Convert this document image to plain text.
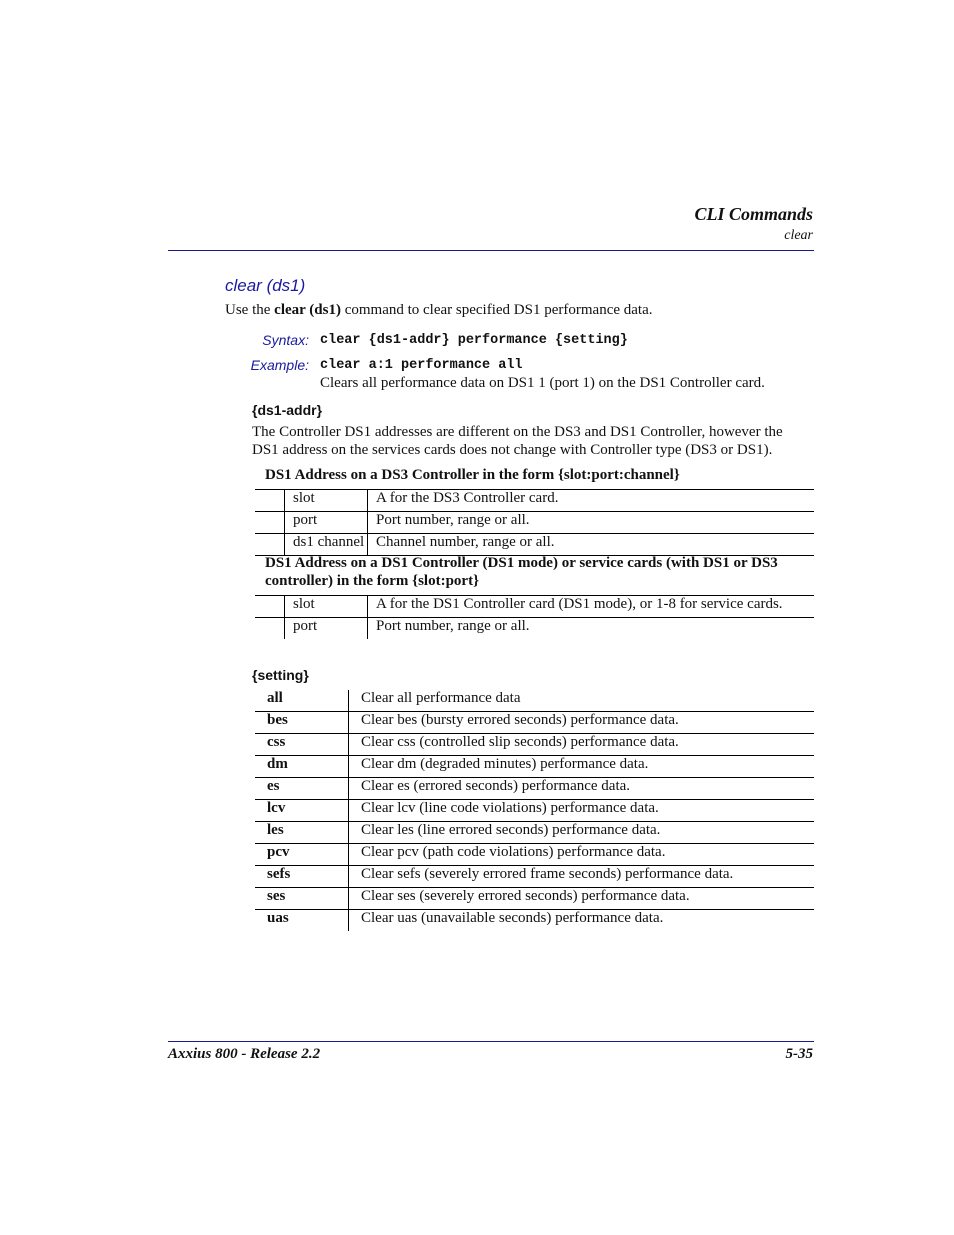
CLI Commands
clear
clear (ds1)
Use the clear (ds1) command to clear specified DS1 performance data.
Syntax: clear {ds1-addr} performance {setting}
Example: clear a:1 performance all
Clears all performance data on DS1 1 (port 1) on the DS1 Controller card.
{ds1-addr}
The Controller DS1 addresses are different on the DS3 and DS1 Controller, however the
DS1 address on the services cards does not change with Controller type (DS3 or DS1).
DS1 Address on a DS3 Controller in the form {slot:port:channel}
	slot	A for the DS3 Controller card.
	port	Port number, range or all.
	ds1 channel	Channel number, range or all.
DS1 Address on a DS1 Controller (DS1 mode) or service cards (with DS1 or DS3
controller) in the form {slot:port}
	slot	A for the DS1 Controller card (DS1 mode), or 1-8 for service cards.
	port	Port number, range or all.
{setting}
all	Clear all performance data
bes	Clear bes (bursty errored seconds) performance data.
css	Clear css (controlled slip seconds) performance data.
dm	Clear dm (degraded minutes) performance data.
es	Clear es (errored seconds) performance data.
lcv	Clear lcv (line code violations) performance data.
les	Clear les (line errored seconds) performance data.
pcv	Clear pcv (path code violations) performance data.
sefs	Clear sefs (severely errored frame seconds) performance data.
ses	Clear ses (severely errored seconds) performance data.
uas	Clear uas (unavailable seconds) performance data.
Axxius 800 - Release 2.2	5-35
